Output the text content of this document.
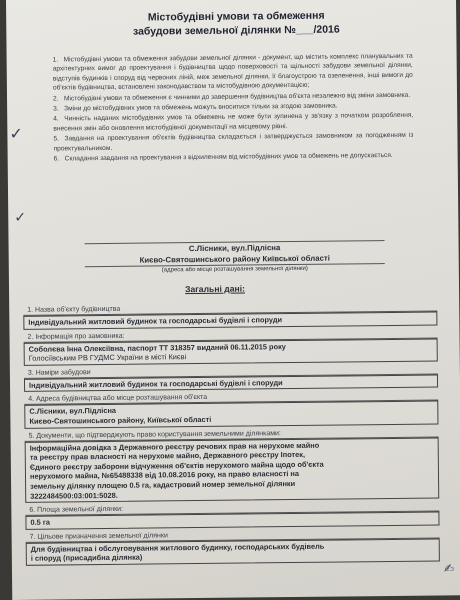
Містобудівні умови та обмеження
забудови земельної ділянки №___/2016
1. Містобудівні умови та обмеження забудови земельної ділянки - документ, що містить комплекс планувальних та архітектурних вимог до проектування і будівництва щодо поверховості та щільності забудови земельної ділянки, відступів будинків і споруд від червоних ліній, меж земельної ділянки, її благоустрою та озеленення, інші вимоги до об'єктів будівництва, встановлені законодавством та містобудівною документацією;
2. Містобудівні умови та обмеження є чинними до завершення будівництва об'єкта незалежно від зміни замовника.
3. Зміни до містобудівних умов та обмежень можуть вноситися тільки за згодою замовника.
4. Чинність наданих містобудівних умов та обмежень не може бути зупинена у зв'язку з початком розроблення, внесення змін або оновлення містобудівної документації на місцевому рівні.
5. Завдання на проектування об'єктів будівництва складається і затверджується замовником за погодженням із проектувальником.
6. Складання завдання на проектування з відхиленням від містобудівних умов та обмежень не допускається.
С.Лісники, вул.Підлісна
Києво-Святошинського району Київської області
(адреса або місце розташування земельної ділянки)
Загальні дані:
1. Назва об'єкту будівництва
Індивідуальний житловий будинок та господарські будівлі і споруди
2. Інформація про замовника:
Соболєва Інна Олексіївна, паспорт ТТ 318357 виданий 06.11.2015 року
Голосіївським РВ ГУДМС України в місті Києві
3. Наміри забудови
Індивідуальний житловий будинок та господарські будівлі і споруди
4. Адреса будівництва або місце розташування об'єкта
С.Лісники, вул.Підлісна
Києво-Святошинського району, Київської області
5. Документи, що підтверджують право користування земельними ділянками:
Інформаційна довідка з Державного реєстру речових прав на нерухоме майно
та реєстру прав власності на нерухоме майно, Державного реєстру Іпотек,
Єдиного реєстру заборони відчуження об'єктів нерухомого майна щодо об'єкта
нерухомого майна, №65488338 від 10.08.2016 року, на право власності на
земельну ділянку площею 0.5 га, кадастровий номер земельної ділянки
3222484500:03:001:5028.
6. Площа земельної ділянки:
0.5 га
7. Цільове призначення земельної ділянки
Для будівництва і обслуговування житлового будинку, господарських будівель
і споруд (присадибна ділянка)
✓
✓
✍
